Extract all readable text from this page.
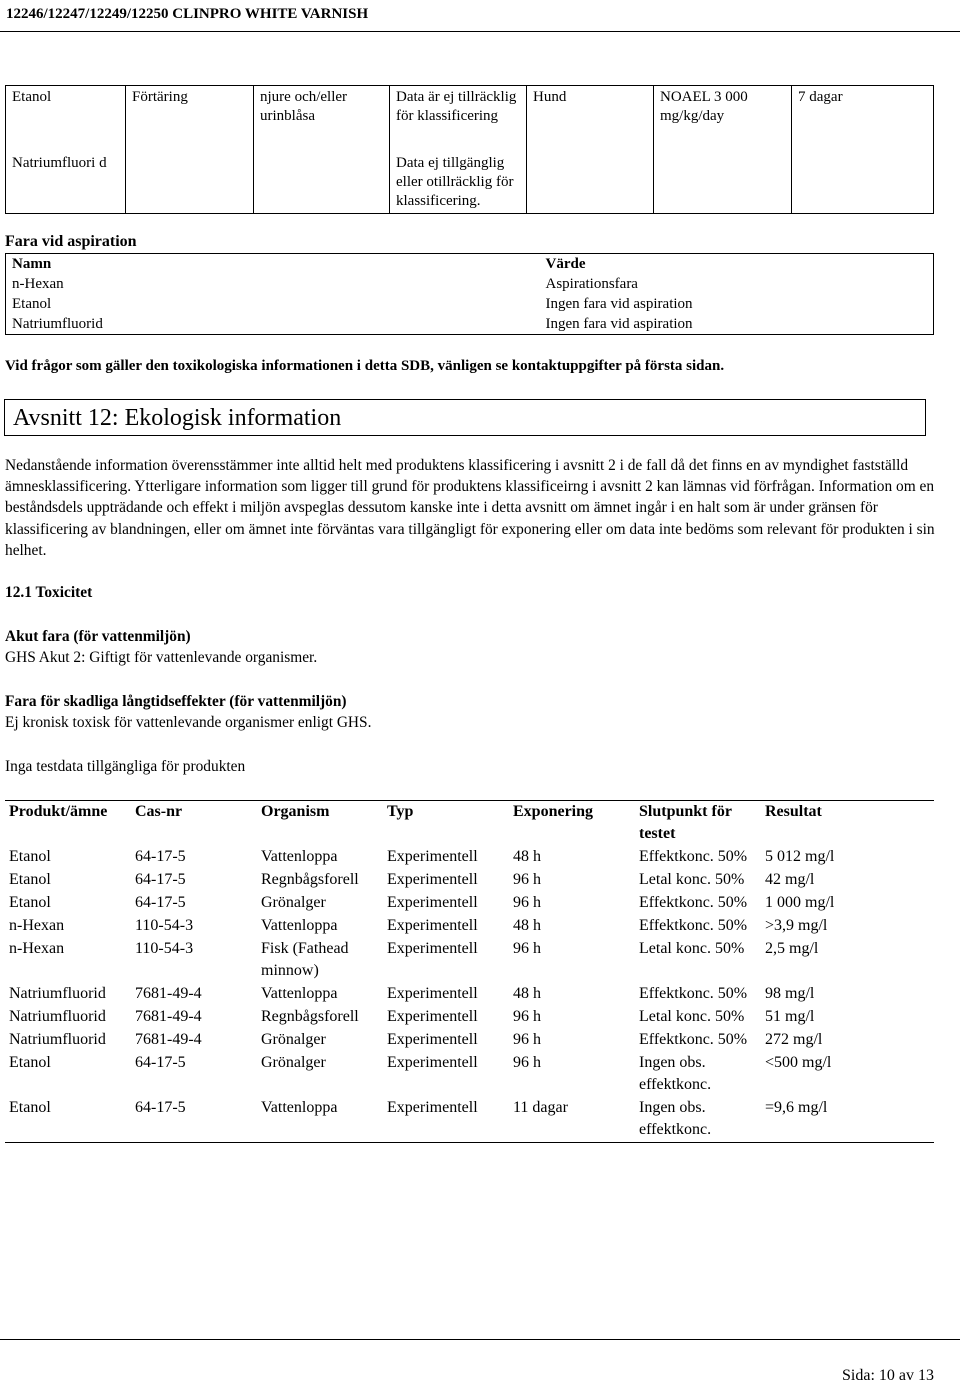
12246/12247/12249/12250 CLINPRO WHITE VARNISH
Etanol	Förtäring	njure och/eller urinblåsa	Data är ej tillräcklig för klassificering	Hund	NOAEL 3 000 mg/kg/day	7 dagar
Natriumfluori d			Data ej tillgänglig eller otillräcklig för klassificering.			
Fara vid aspiration
Namn	Värde
n-Hexan	Aspirationsfara
Etanol	Ingen fara vid aspiration
Natriumfluorid	Ingen fara vid aspiration
Vid frågor som gäller den toxikologiska informationen i detta SDB, vänligen se kontaktuppgifter på första sidan.
Avsnitt 12: Ekologisk information
Nedanstående information överensstämmer inte alltid helt med produktens klassificering i avsnitt 2 i de fall då det finns en av myndighet fastställd ämnesklassificering. Ytterligare information som ligger till grund för produktens klassificeirng i avsnitt 2 kan lämnas vid förfrågan. Information om en beståndsdels uppträdande och effekt i miljön avspeglas dessutom kanske inte i detta avsnitt om ämnet ingår i en halt som är under gränsen för klassificering av blandningen, eller om ämnet inte förväntas vara tillgängligt för exponering eller om data inte bedöms som relevant för produkten i sin helhet.
12.1 Toxicitet
Akut fara (för vattenmiljön)
GHS Akut 2: Giftigt för vattenlevande organismer.
Fara för skadliga långtidseffekter (för vattenmiljön)
Ej kronisk toxisk för vattenlevande organismer enligt GHS.
Inga testdata tillgängliga för produkten
Produkt/ämne	Cas-nr	Organism	Typ	Exponering	Slutpunkt för testet	Resultat
Etanol	64-17-5	Vattenloppa	Experimentell	48 h	Effektkonc. 50%	5 012 mg/l
Etanol	64-17-5	Regnbågsforell	Experimentell	96 h	Letal konc. 50%	42 mg/l
Etanol	64-17-5	Grönalger	Experimentell	96 h	Effektkonc. 50%	1 000 mg/l
n-Hexan	110-54-3	Vattenloppa	Experimentell	48 h	Effektkonc. 50%	>3,9 mg/l
n-Hexan	110-54-3	Fisk (Fathead minnow)	Experimentell	96 h	Letal konc. 50%	2,5 mg/l
Natriumfluorid	7681-49-4	Vattenloppa	Experimentell	48 h	Effektkonc. 50%	98 mg/l
Natriumfluorid	7681-49-4	Regnbågsforell	Experimentell	96 h	Letal konc. 50%	51 mg/l
Natriumfluorid	7681-49-4	Grönalger	Experimentell	96 h	Effektkonc. 50%	272 mg/l
Etanol	64-17-5	Grönalger	Experimentell	96 h	Ingen obs. effektkonc.	<500 mg/l
Etanol	64-17-5	Vattenloppa	Experimentell	11 dagar	Ingen obs. effektkonc.	=9,6 mg/l
Sida: 10 av 13
